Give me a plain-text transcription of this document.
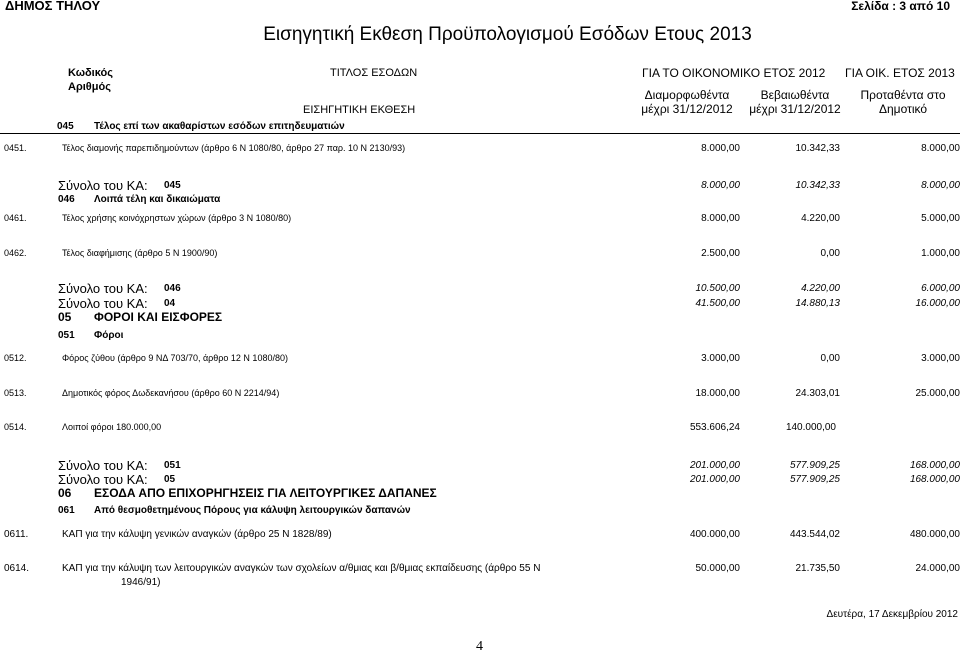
ΔΗΜΟΣ ΤΗΛΟΥ	Σελίδα : 3 από 10
Εισηγητική Εκθεση Προϋπολογισμού Εσόδων Ετους 2013
Κωδικός
Αριθμός
ΤΙΤΛΟΣ ΕΣΟΔΩΝ	ΓΙΑ ΤΟ ΟΙΚΟΝΟΜΙΚΟ ΕΤΟΣ 2012 ΓΙΑ ΟΙΚ. ΕΤΟΣ 2013
Διαμορφωθέντα
μέχρι 31/12/2012
Βεβαιωθέντα
μέχρι 31/12/2012
Προταθέντα στο
Δημοτικό
ΕΙΣΗΓΗΤΙΚΗ ΕΚΘΕΣΗ
045 Τέλος επί των ακαθαρίστων εσόδων επιτηδευματιών
0451.	Τέλος διαμονής παρεπιδημούντων (άρθρο 6 Ν 1080/80, άρθρο 27 παρ. 10 Ν 2130/93)	8.000,00	10.342,33	8.000,00
Σύνολο του ΚΑ: 045	8.000,00	10.342,33	8.000,00
046 Λοιπά τέλη και δικαιώματα
0461.	Τέλος χρήσης κοινόχρηστων χώρων (άρθρο 3 Ν 1080/80)	8.000,00	4.220,00	5.000,00
0462.	Τέλος διαφήμισης (άρθρο 5 Ν 1900/90)	2.500,00	0,00	1.000,00
Σύνολο του ΚΑ: 046	10.500,00	4.220,00	6.000,00
Σύνολο του ΚΑ: 04	41.500,00	14.880,13	16.000,00
05 ΦΟΡΟΙ ΚΑΙ ΕΙΣΦΟΡΕΣ
051 Φόροι
0512.	Φόρος ζύθου (άρθρο 9 ΝΔ 703/70, άρθρο 12 Ν 1080/80)	3.000,00	0,00	3.000,00
0513.	Δημοτικός φόρος Δωδεκανήσου (άρθρο 60 Ν 2214/94)	18.000,00	24.303,01	25.000,00
0514.	Λοιποί φόροι 180.000,00	553.606,24	140.000,00
Σύνολο του ΚΑ: 051	201.000,00	577.909,25	168.000,00
Σύνολο του ΚΑ: 05	201.000,00	577.909,25	168.000,00
06 ΕΣΟΔΑ ΑΠΟ ΕΠΙΧΟΡΗΓΗΣΕΙΣ ΓΙΑ ΛΕΙΤΟΥΡΓΙΚΕΣ ΔΑΠΑΝΕΣ
061 Από θεσμοθετημένους Πόρους για κάλυψη λειτουργικών δαπανών
0611.	ΚΑΠ για την κάλυψη γενικών αναγκών (άρθρο 25 Ν 1828/89)	400.000,00	443.544,02	480.000,00
0614.	ΚΑΠ για την κάλυψη των λειτουργικών αναγκών των σχολείων α/θμιας και β/θμιας εκπαίδευσης (άρθρο 55 Ν
1946/91)
50.000,00	21.735,50	24.000,00
Δευτέρα, 17 Δεκεμβρίου 2012
4
